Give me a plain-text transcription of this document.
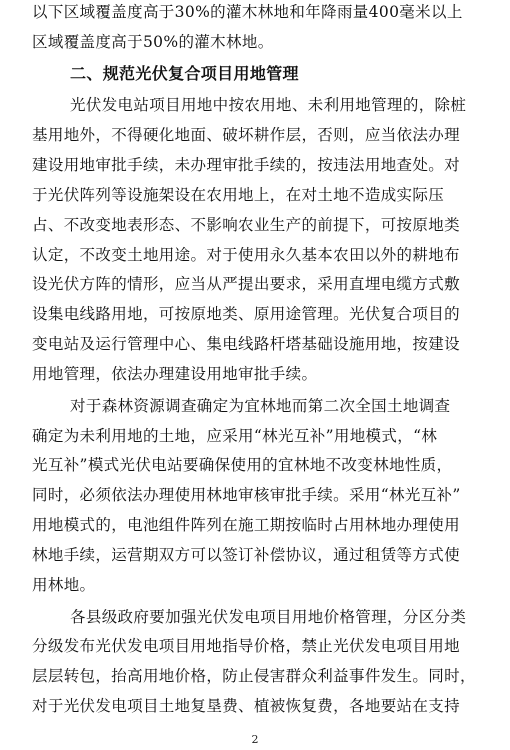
以下区域覆盖度高于30%的灌木林地和年降雨量400毫米以上
区域覆盖度高于50%的灌木林地。
二、规范光伏复合项目用地管理
光伏发电站项目用地中按农用地、未利用地管理的，除桩
基用地外，不得硬化地面、破坏耕作层，否则，应当依法办理
建设用地审批手续，未办理审批手续的，按违法用地查处。对
于光伏阵列等设施架设在农用地上，在对土地不造成实际压
占、不改变地表形态、不影响农业生产的前提下，可按原地类
认定，不改变土地用途。对于使用永久基本农田以外的耕地布
设光伏方阵的情形，应当从严提出要求，采用直埋电缆方式敷
设集电线路用地，可按原地类、原用途管理。光伏复合项目的
变电站及运行管理中心、集电线路杆塔基础设施用地，按建设
用地管理，依法办理建设用地审批手续。
对于森林资源调查确定为宜林地而第二次全国土地调查
确定为未利用地的土地，应采用“林光互补”用地模式，“林
光互补”模式光伏电站要确保使用的宜林地不改变林地性质，
同时，必须依法办理使用林地审核审批手续。采用“林光互补”
用地模式的，电池组件阵列在施工期按临时占用林地办理使用
林地手续，运营期双方可以签订补偿协议，通过租赁等方式使
用林地。
各县级政府要加强光伏发电项目用地价格管理，分区分类
分级发布光伏发电项目用地指导价格，禁止光伏发电项目用地
层层转包，抬高用地价格，防止侵害群众利益事件发生。同时，
对于光伏发电项目土地复垦费、植被恢复费，各地要站在支持
2
